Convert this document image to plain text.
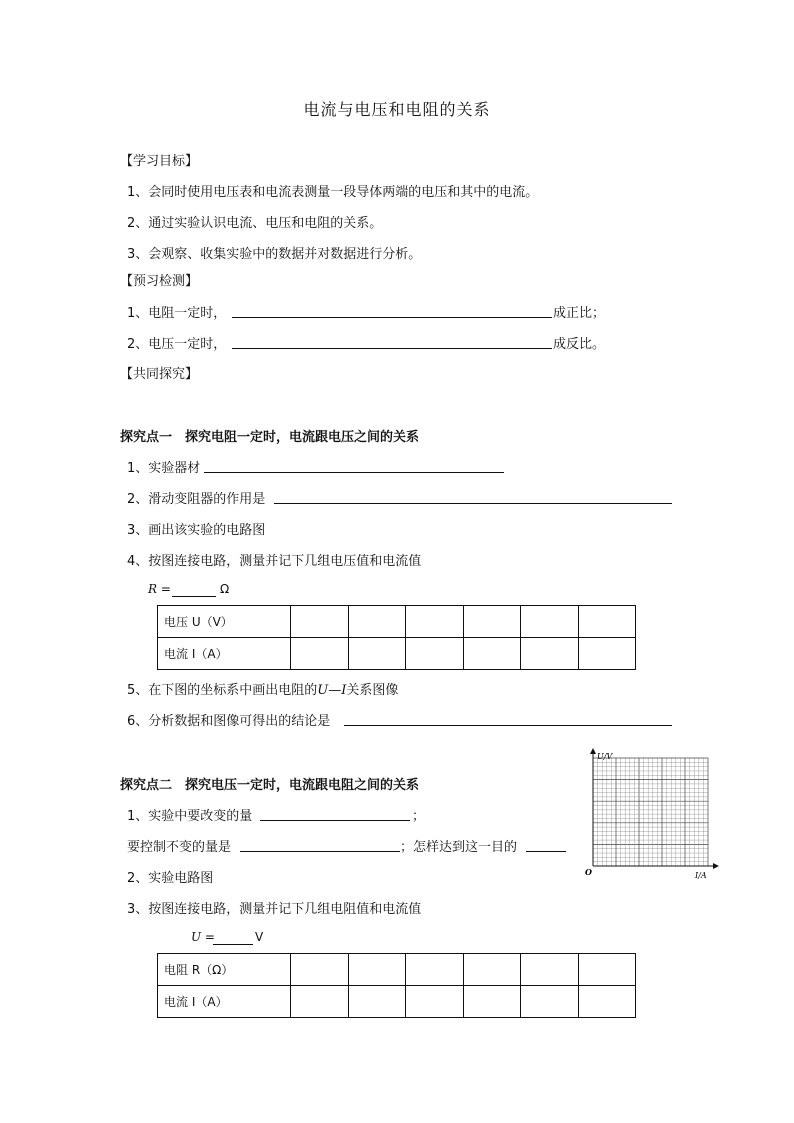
电流与电压和电阻的关系
【学习目标】
1、会同时使用电压表和电流表测量一段导体两端的电压和其中的电流。
2、通过实验认识电流、电压和电阻的关系。
3、会观察、收集实验中的数据并对数据进行分析。
【预习检测】
1、电阻一定时，	成正比；
2、电压一定时，	成反比。
【共同探究】
探究点一　探究电阻一定时，电流跟电压之间的关系
1、实验器材
2、滑动变阻器的作用是
3、画出该实验的电路图
4、按图连接电路，测量并记下几组电压值和电流值
R =	Ω
电压 U（V）						
电流 I（A）						
5、在下图的坐标系中画出电阻的U—I关系图像
6、分析数据和图像可得出的结论是
探究点二　探究电压一定时，电流跟电阻之间的关系
1、实验中要改变的量	；
要控制不变的量是	；怎样达到这一目的
2、实验电路图
3、按图连接电路，测量并记下几组电阻值和电流值
U =	V
电阻 R（Ω）						
电流 I（A）						
U/V
I/A
O
